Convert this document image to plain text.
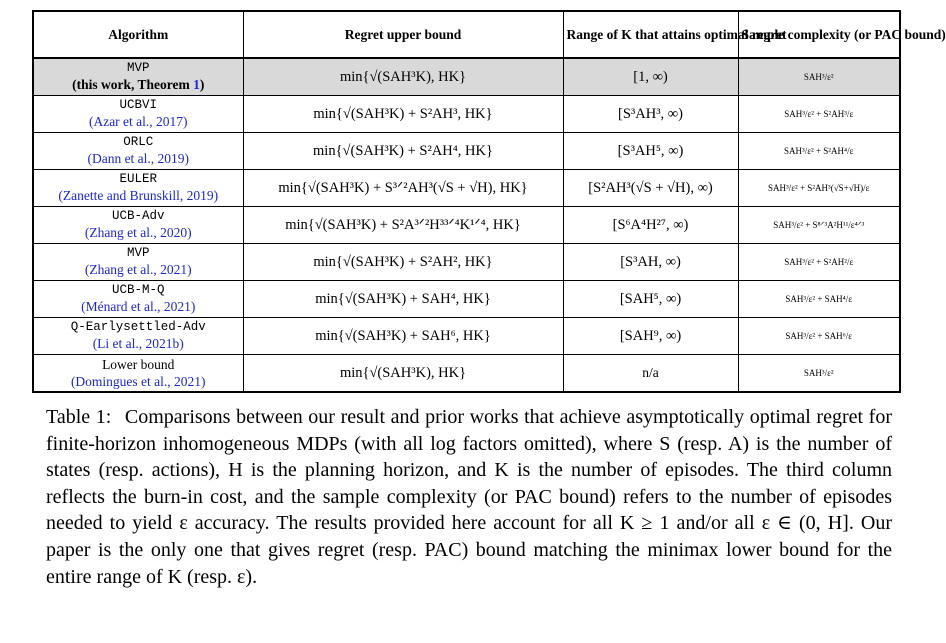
Algorithm	Regret upper bound	Range of K that attains optimal regret	Sample complexity (or PAC bound)

MVP
(this work, Theorem 1)	min{√(SAH³K), HK}	[1, ∞)	SAH³/ε²

UCBVI
(Azar et al., 2017)	min{√(SAH³K) + S²AH³, HK}	[S³AH³, ∞)	SAH³/ε² + S²AH³/ε

ORLC
(Dann et al., 2019)	min{√(SAH³K) + S²AH⁴, HK}	[S³AH⁵, ∞)	SAH³/ε² + S²AH⁴/ε

EULER
(Zanette and Brunskill, 2019)	min{√(SAH³K) + S³ᐟ²AH³(√S + √H), HK}	[S²AH³(√S + √H), ∞)	SAH³/ε² + S²AH³(√S+√H)/ε

UCB-Adv
(Zhang et al., 2020)	min{√(SAH³K) + S²A³ᐟ²H³³ᐟ⁴K¹ᐟ⁴, HK}	[S⁶A⁴H²⁷, ∞)	SAH³/ε² + S⁸ᐟ³A²H¹¹/ε⁴ᐟ³

MVP
(Zhang et al., 2021)	min{√(SAH³K) + S²AH², HK}	[S³AH, ∞)	SAH³/ε² + S²AH²/ε

UCB-M-Q
(Ménard et al., 2021)	min{√(SAH³K) + SAH⁴, HK}	[SAH⁵, ∞)	SAH³/ε² + SAH⁴/ε

Q-Earlysettled-Adv
(Li et al., 2021b)	min{√(SAH³K) + SAH⁶, HK}	[SAH⁹, ∞)	SAH³/ε² + SAH⁶/ε

Lower bound
(Domingues et al., 2021)	min{√(SAH³K), HK}	n/a	SAH³/ε²

Table 1: Comparisons between our result and prior works that achieve asymptotically optimal regret for finite-horizon inhomogeneous MDPs (with all log factors omitted), where S (resp. A) is the number of states (resp. actions), H is the planning horizon, and K is the number of episodes. The third column reflects the burn-in cost, and the sample complexity (or PAC bound) refers to the number of episodes needed to yield ε accuracy. The results provided here account for all K ≥ 1 and/or all ε ∈ (0, H]. Our paper is the only one that gives regret (resp. PAC) bound matching the minimax lower bound for the entire range of K (resp. ε).
